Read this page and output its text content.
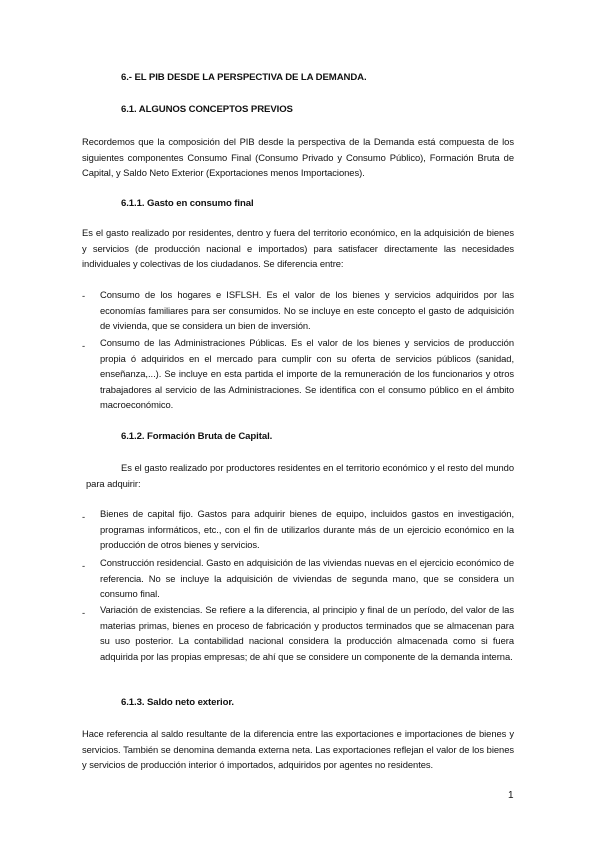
6.- EL PIB DESDE LA PERSPECTIVA DE LA DEMANDA.
6.1. ALGUNOS CONCEPTOS PREVIOS
Recordemos que la composición del PIB desde la perspectiva de la Demanda está compuesta de los siguientes componentes Consumo Final (Consumo Privado y Consumo Público), Formación Bruta de Capital, y Saldo Neto Exterior (Exportaciones menos Importaciones).
6.1.1. Gasto en consumo final
Es el gasto realizado por residentes, dentro y fuera del territorio económico, en la adquisición de bienes y servicios (de producción nacional e importados) para satisfacer directamente las necesidades individuales y colectivas de los ciudadanos. Se diferencia entre:
- Consumo de los hogares e ISFLSH. Es el valor de los bienes y servicios adquiridos por las economías familiares para ser consumidos. No se incluye en este concepto el gasto de adquisición de vivienda, que se considera un bien de inversión.
- Consumo de las Administraciones Públicas. Es el valor de los bienes y servicios de producción propia ó adquiridos en el mercado para cumplir con su oferta de servicios públicos (sanidad, enseñanza,...). Se incluye en esta partida el importe de la remuneración de los funcionarios y otros trabajadores al servicio de las Administraciones. Se identifica con el consumo público en el ámbito macroeconómico.
6.1.2. Formación Bruta de Capital.
Es el gasto realizado por productores residentes en el territorio económico y el resto del mundo para adquirir:
- Bienes de capital fijo. Gastos para adquirir bienes de equipo, incluidos gastos en investigación, programas informáticos, etc., con el fin de utilizarlos durante más de un ejercicio económico en la producción de otros bienes y servicios.
- Construcción residencial. Gasto en adquisición de las viviendas nuevas en el ejercicio económico de referencia. No se incluye la adquisición de viviendas de segunda mano, que se considera un consumo final.
- Variación de existencias. Se refiere a la diferencia, al principio y final de un período, del valor de las materias primas, bienes en proceso de fabricación y productos terminados que se almacenan para su uso posterior. La contabilidad nacional considera la producción almacenada como si fuera adquirida por las propias empresas; de ahí que se considere un componente de la demanda interna.
6.1.3. Saldo neto exterior.
Hace referencia al saldo resultante de la diferencia entre las exportaciones e importaciones de bienes y servicios. También se denomina demanda externa neta. Las exportaciones reflejan el valor de los bienes y servicios de producción interior ó importados, adquiridos por agentes no residentes.
1
